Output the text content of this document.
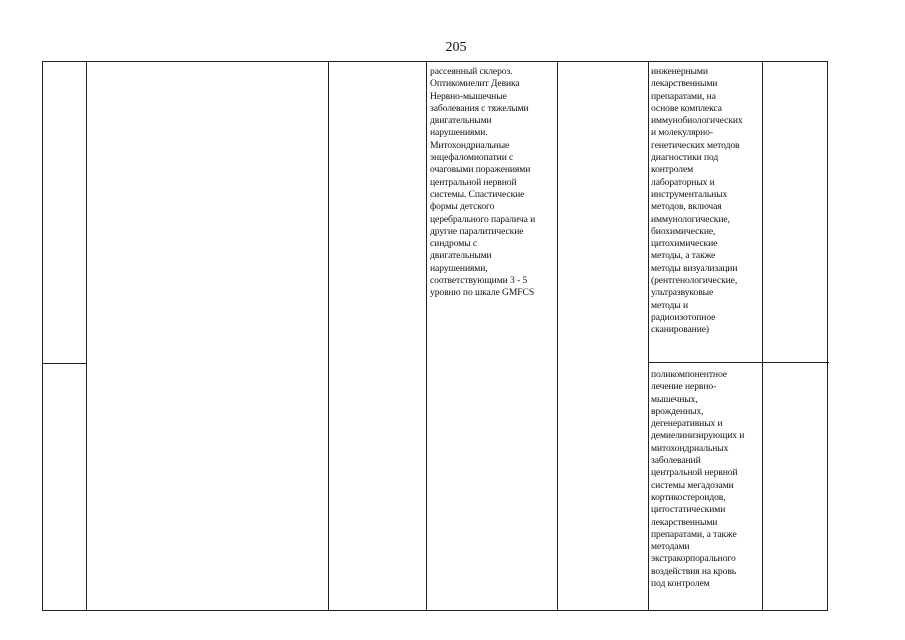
205
рассеянный склероз.
Оптикомиелит Девика
Нервно-мышечные
заболевания с тяжелыми
двигательными
нарушениями.
Митохондриальные
энцефаломиопатии с
очаговыми поражениями
центральной нервной
системы. Спастические
формы детского
церебрального паралича и
другие паралитические
синдромы с
двигательными
нарушениями,
соответствующими 3 - 5
уровню по шкале GMFCS
инженерными
лекарственными
препаратами, на
основе комплекса
иммунобиологических
и молекулярно-
генетических методов
диагностики под
контролем
лабораторных и
инструментальных
методов, включая
иммунологические,
биохимические,
цитохимические
методы, а также
методы визуализации
(рентгенологические,
ультразвуковые
методы и
радиоизотопное
сканирование)
поликомпонентное
лечение нервно-
мышечных,
врожденных,
дегенеративных и
демиелинизирующих и
митохондриальных
заболеваний
центральной нервной
системы мегадозами
кортикостероидов,
цитостатическими
лекарственными
препаратами, а также
методами
экстракорпорального
воздействия на кровь
под контролем
